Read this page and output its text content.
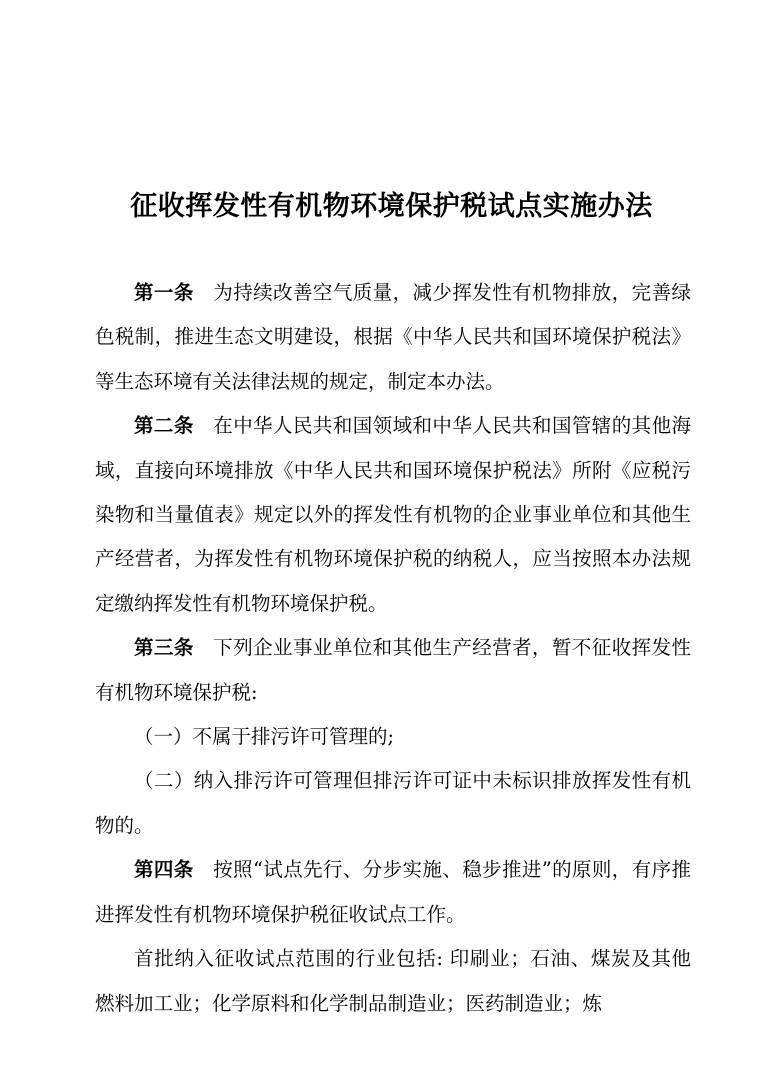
征收挥发性有机物环境保护税试点实施办法

第一条 为持续改善空气质量，减少挥发性有机物排放，完善绿色税制，推进生态文明建设，根据《中华人民共和国环境保护税法》等生态环境有关法律法规的规定，制定本办法。

第二条 在中华人民共和国领域和中华人民共和国管辖的其他海域，直接向环境排放《中华人民共和国环境保护税法》所附《应税污染物和当量值表》规定以外的挥发性有机物的企业事业单位和其他生产经营者，为挥发性有机物环境保护税的纳税人，应当按照本办法规定缴纳挥发性有机物环境保护税。

第三条 下列企业事业单位和其他生产经营者，暂不征收挥发性有机物环境保护税:

（一）不属于排污许可管理的;

（二）纳入排污许可管理但排污许可证中未标识排放挥发性有机物的。

第四条 按照“试点先行、分步实施、稳步推进”的原则，有序推进挥发性有机物环境保护税征收试点工作。

首批纳入征收试点范围的行业包括: 印刷业；石油、煤炭及其他燃料加工业；化学原料和化学制品制造业；医药制造业；炼
